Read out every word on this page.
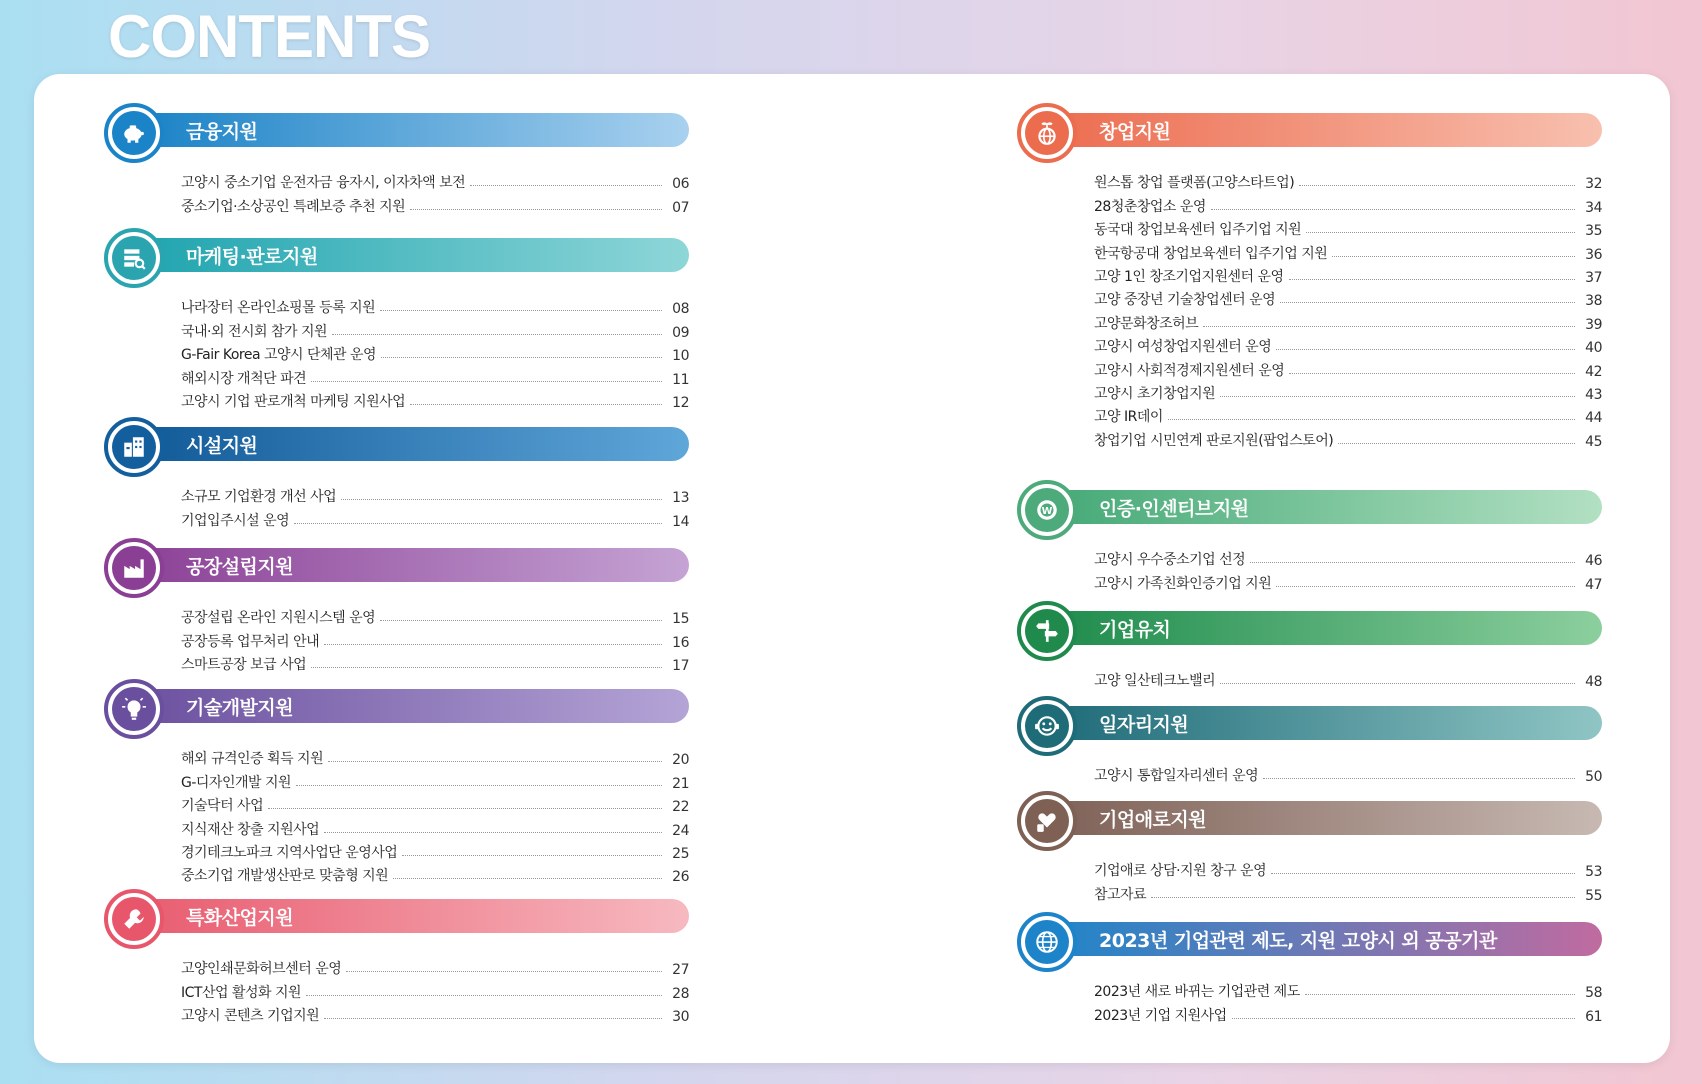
CONTENTS
금융지원
고양시 중소기업 운전자금 융자시, 이자차액 보전	06
중소기업·소상공인 특례보증 추천 지원	07
마케팅·판로지원
나라장터 온라인쇼핑몰 등록 지원	08
국내·외 전시회 참가 지원	09
G-Fair Korea 고양시 단체관 운영	10
해외시장 개척단 파견	11
고양시 기업 판로개척 마케팅 지원사업	12
시설지원
소규모 기업환경 개선 사업	13
기업입주시설 운영	14
공장설립지원
공장설립 온라인 지원시스템 운영	15
공장등록 업무처리 안내	16
스마트공장 보급 사업	17
기술개발지원
해외 규격인증 획득 지원	20
G-디자인개발 지원	21
기술닥터 사업	22
지식재산 창출 지원사업	24
경기테크노파크 지역사업단 운영사업	25
중소기업 개발생산판로 맞춤형 지원	26
특화산업지원
고양인쇄문화허브센터 운영	27
ICT산업 활성화 지원	28
고양시 콘텐츠 기업지원	30
창업지원
원스톱 창업 플랫폼(고양스타트업)	32
28청춘창업소 운영	34
동국대 창업보육센터 입주기업 지원	35
한국항공대 창업보육센터 입주기업 지원	36
고양 1인 창조기업지원센터 운영	37
고양 중장년 기술창업센터 운영	38
고양문화창조허브	39
고양시 여성창업지원센터 운영	40
고양시 사회적경제지원센터 운영	42
고양시 초기창업지원	43
고양 IR데이	44
창업기업 시민연계 판로지원(팝업스토어)	45
인증·인센티브지원
W
고양시 우수중소기업 선정	46
고양시 가족친화인증기업 지원	47
기업유치
고양 일산테크노밸리	48
일자리지원
고양시 통합일자리센터 운영	50
기업애로지원
기업애로 상담·지원 창구 운영	53
참고자료	55
2023년 기업관련 제도, 지원 고양시 외 공공기관
2023년 새로 바뀌는 기업관련 제도	58
2023년 기업 지원사업	61
